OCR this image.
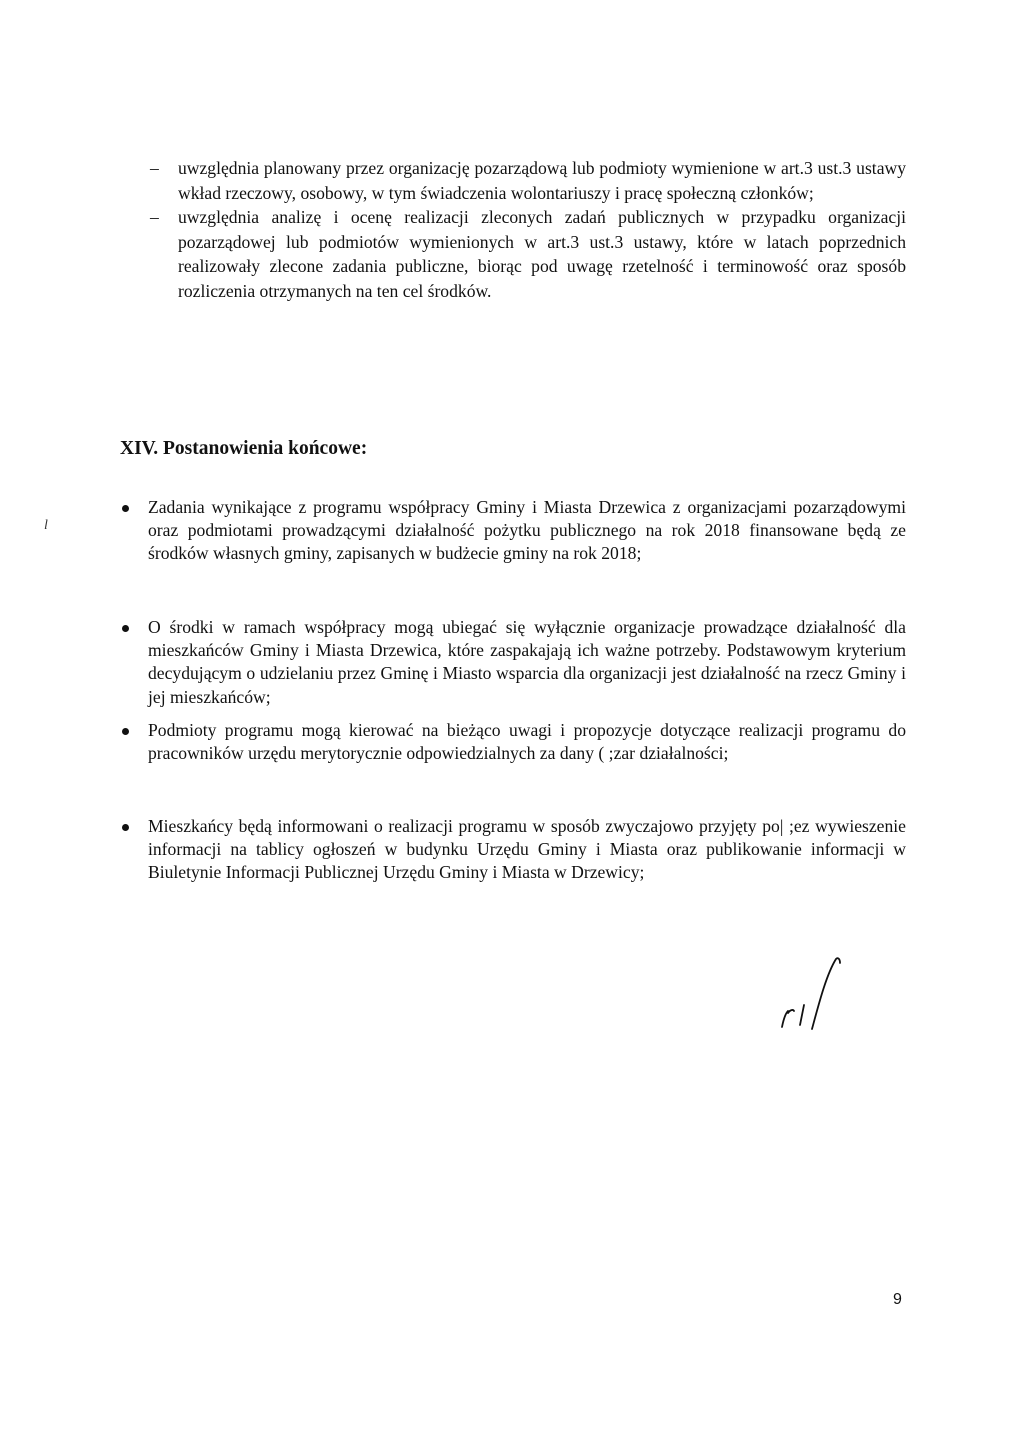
– uwzględnia planowany przez organizację pozarządową lub podmioty wymienione w art.3 ust.3 ustawy wkład rzeczowy, osobowy, w tym świadczenia wolontariuszy i pracę społeczną członków;
– uwzględnia analizę i ocenę realizacji zleconych zadań publicznych w przypadku organizacji pozarządowej lub podmiotów wymienionych w art.3 ust.3 ustawy, które w latach poprzednich realizowały zlecone zadania publiczne, biorąc pod uwagę rzetelność i terminowość oraz sposób rozliczenia otrzymanych na ten cel środków.
XIV. Postanowienia końcowe:
l
Zadania wynikające z programu współpracy Gminy i Miasta Drzewica z organizacjami pozarządowymi oraz podmiotami prowadzącymi działalność pożytku publicznego na rok 2018 finansowane będą ze środków własnych gminy, zapisanych w budżecie gminy na rok 2018;
O środki w ramach współpracy mogą ubiegać się wyłącznie organizacje prowadzące działalność dla mieszkańców Gminy i Miasta Drzewica, które zaspakajają ich ważne potrzeby. Podstawowym kryterium decydującym o udzielaniu przez Gminę i Miasto wsparcia dla organizacji jest działalność na rzecz Gminy i jej mieszkańców;
Podmioty programu mogą kierować na bieżąco uwagi i propozycje dotyczące realizacji programu do pracowników urzędu merytorycznie odpowiedzialnych za dany ( ;zar działalności;
Mieszkańcy będą informowani o realizacji programu w sposób zwyczajowo przyjęty po| ;ez wywieszenie informacji na tablicy ogłoszeń w budynku Urzędu Gminy i Miasta oraz publikowanie informacji w Biuletynie Informacji Publicznej Urzędu Gminy i Miasta w Drzewicy;
9
